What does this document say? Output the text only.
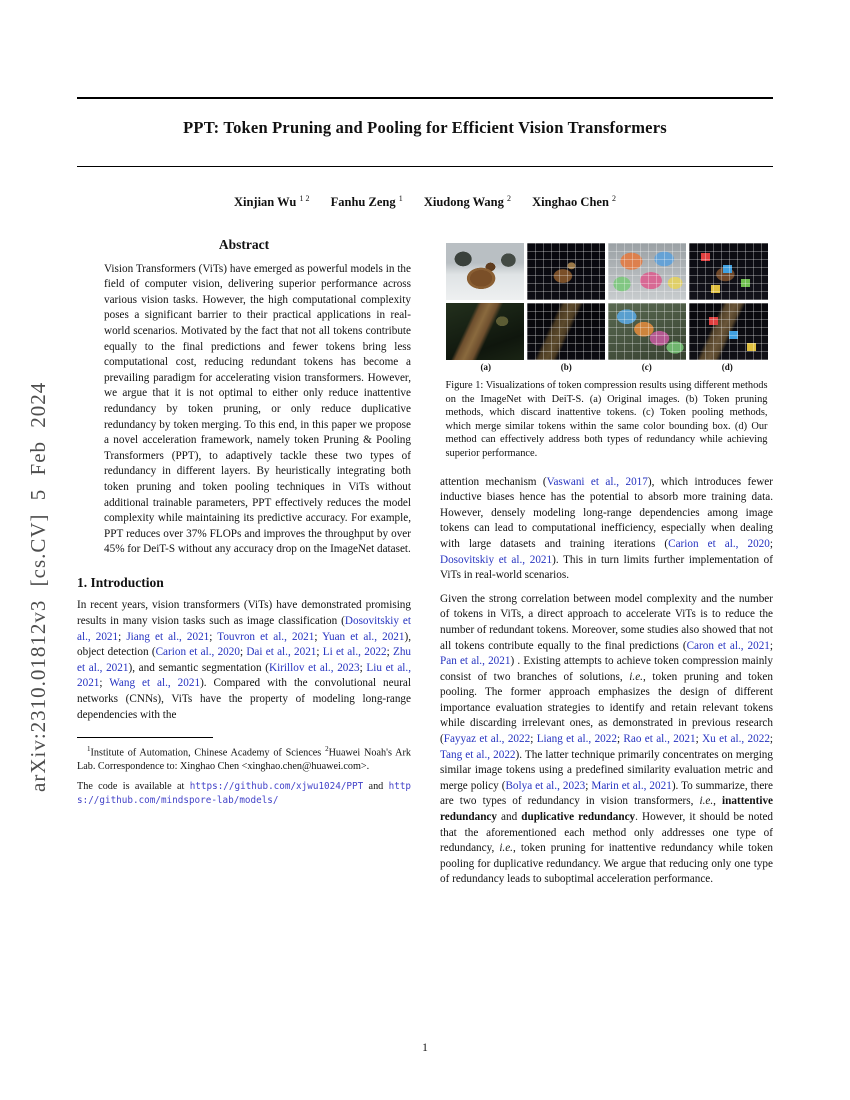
arXiv:2310.01812v3 [cs.CV] 5 Feb 2024
PPT: Token Pruning and Pooling for Efficient Vision Transformers
Xinjian Wu $^{1 2}$ Fanhu Zeng $^1$ Xiudong Wang $^2$ Xinghao Chen $^2$
Abstract
Vision Transformers (ViTs) have emerged as powerful models in the field of computer vision, delivering superior performance across various vision tasks. However, the high computational complexity poses a significant barrier to their practical applications in real-world scenarios. Motivated by the fact that not all tokens contribute equally to the final predictions and fewer tokens bring less computational cost, reducing redundant tokens has become a prevailing paradigm for accelerating vision transformers. However, we argue that it is not optimal to either only reduce inattentive redundancy by token pruning, or only reduce duplicative redundancy by token merging. To this end, in this paper we propose a novel acceleration framework, namely token Pruning & Pooling Transformers (PPT), to adaptively tackle these two types of redundancy in different layers. By heuristically integrating both token pruning and token pooling techniques in ViTs without additional trainable parameters, PPT effectively reduces the model complexity while maintaining its predictive accuracy. For example, PPT reduces over 37% FLOPs and improves the throughput by over 45% for DeiT-S without any accuracy drop on the ImageNet dataset.
1. Introduction
In recent years, vision transformers (ViTs) have demonstrated promising results in many vision tasks such as image classification (Dosovitskiy et al., 2021; Jiang et al., 2021; Touvron et al., 2021; Yuan et al., 2021), object detection (Carion et al., 2020; Dai et al., 2021; Li et al., 2022; Zhu et al., 2021), and semantic segmentation (Kirillov et al., 2023; Liu et al., 2021; Wang et al., 2021). Compared with the convolutional neural networks (CNNs), ViTs have the property of modeling long-range dependencies with the
$^1$Institute of Automation, Chinese Academy of Sciences $^2$Huawei Noah's Ark Lab. Correspondence to: Xinghao Chen <xinghao.chen@huawei.com>.
The code is available at https://github.com/xjwu1024/PPT and https://github.com/mindspore-lab/models/
(a)	(b)	(c)	(d)
Figure 1: Visualizations of token compression results using different methods on the ImageNet with DeiT-S. (a) Original images. (b) Token pruning methods, which discard inattentive tokens. (c) Token pooling methods, which merge similar tokens within the same color bounding box. (d) Our method can effectively address both types of redundancy while achieving superior performance.
attention mechanism (Vaswani et al., 2017), which introduces fewer inductive biases hence has the potential to absorb more training data. However, densely modeling long-range dependencies among image tokens can lead to computational inefficiency, especially when dealing with large datasets and training iterations (Carion et al., 2020; Dosovitskiy et al., 2021). This in turn limits further implementation of ViTs in real-world scenarios.
Given the strong correlation between model complexity and the number of tokens in ViTs, a direct approach to accelerate ViTs is to reduce the number of redundant tokens. Moreover, some studies also showed that not all tokens contribute equally to the final predictions (Caron et al., 2021; Pan et al., 2021) . Existing attempts to achieve token compression mainly consist of two branches of solutions, i.e., token pruning and token pooling. The former approach emphasizes the design of different importance evaluation strategies to identify and retain relevant tokens while discarding irrelevant ones, as demonstrated in previous research (Fayyaz et al., 2022; Liang et al., 2022; Rao et al., 2021; Xu et al., 2022; Tang et al., 2022). The latter technique primarily concentrates on merging similar image tokens using a predefined similarity evaluation metric and merge policy (Bolya et al., 2023; Marin et al., 2021). To summarize, there are two types of redundancy in vision transformers, i.e., inattentive redundancy and duplicative redundancy. However, it should be noted that the aforementioned each method only addresses one type of redundancy, i.e., token pruning for inattentive redundancy while token pooling for duplicative redundancy. We argue that reducing only one type of redundancy leads to suboptimal acceleration performance.
1
